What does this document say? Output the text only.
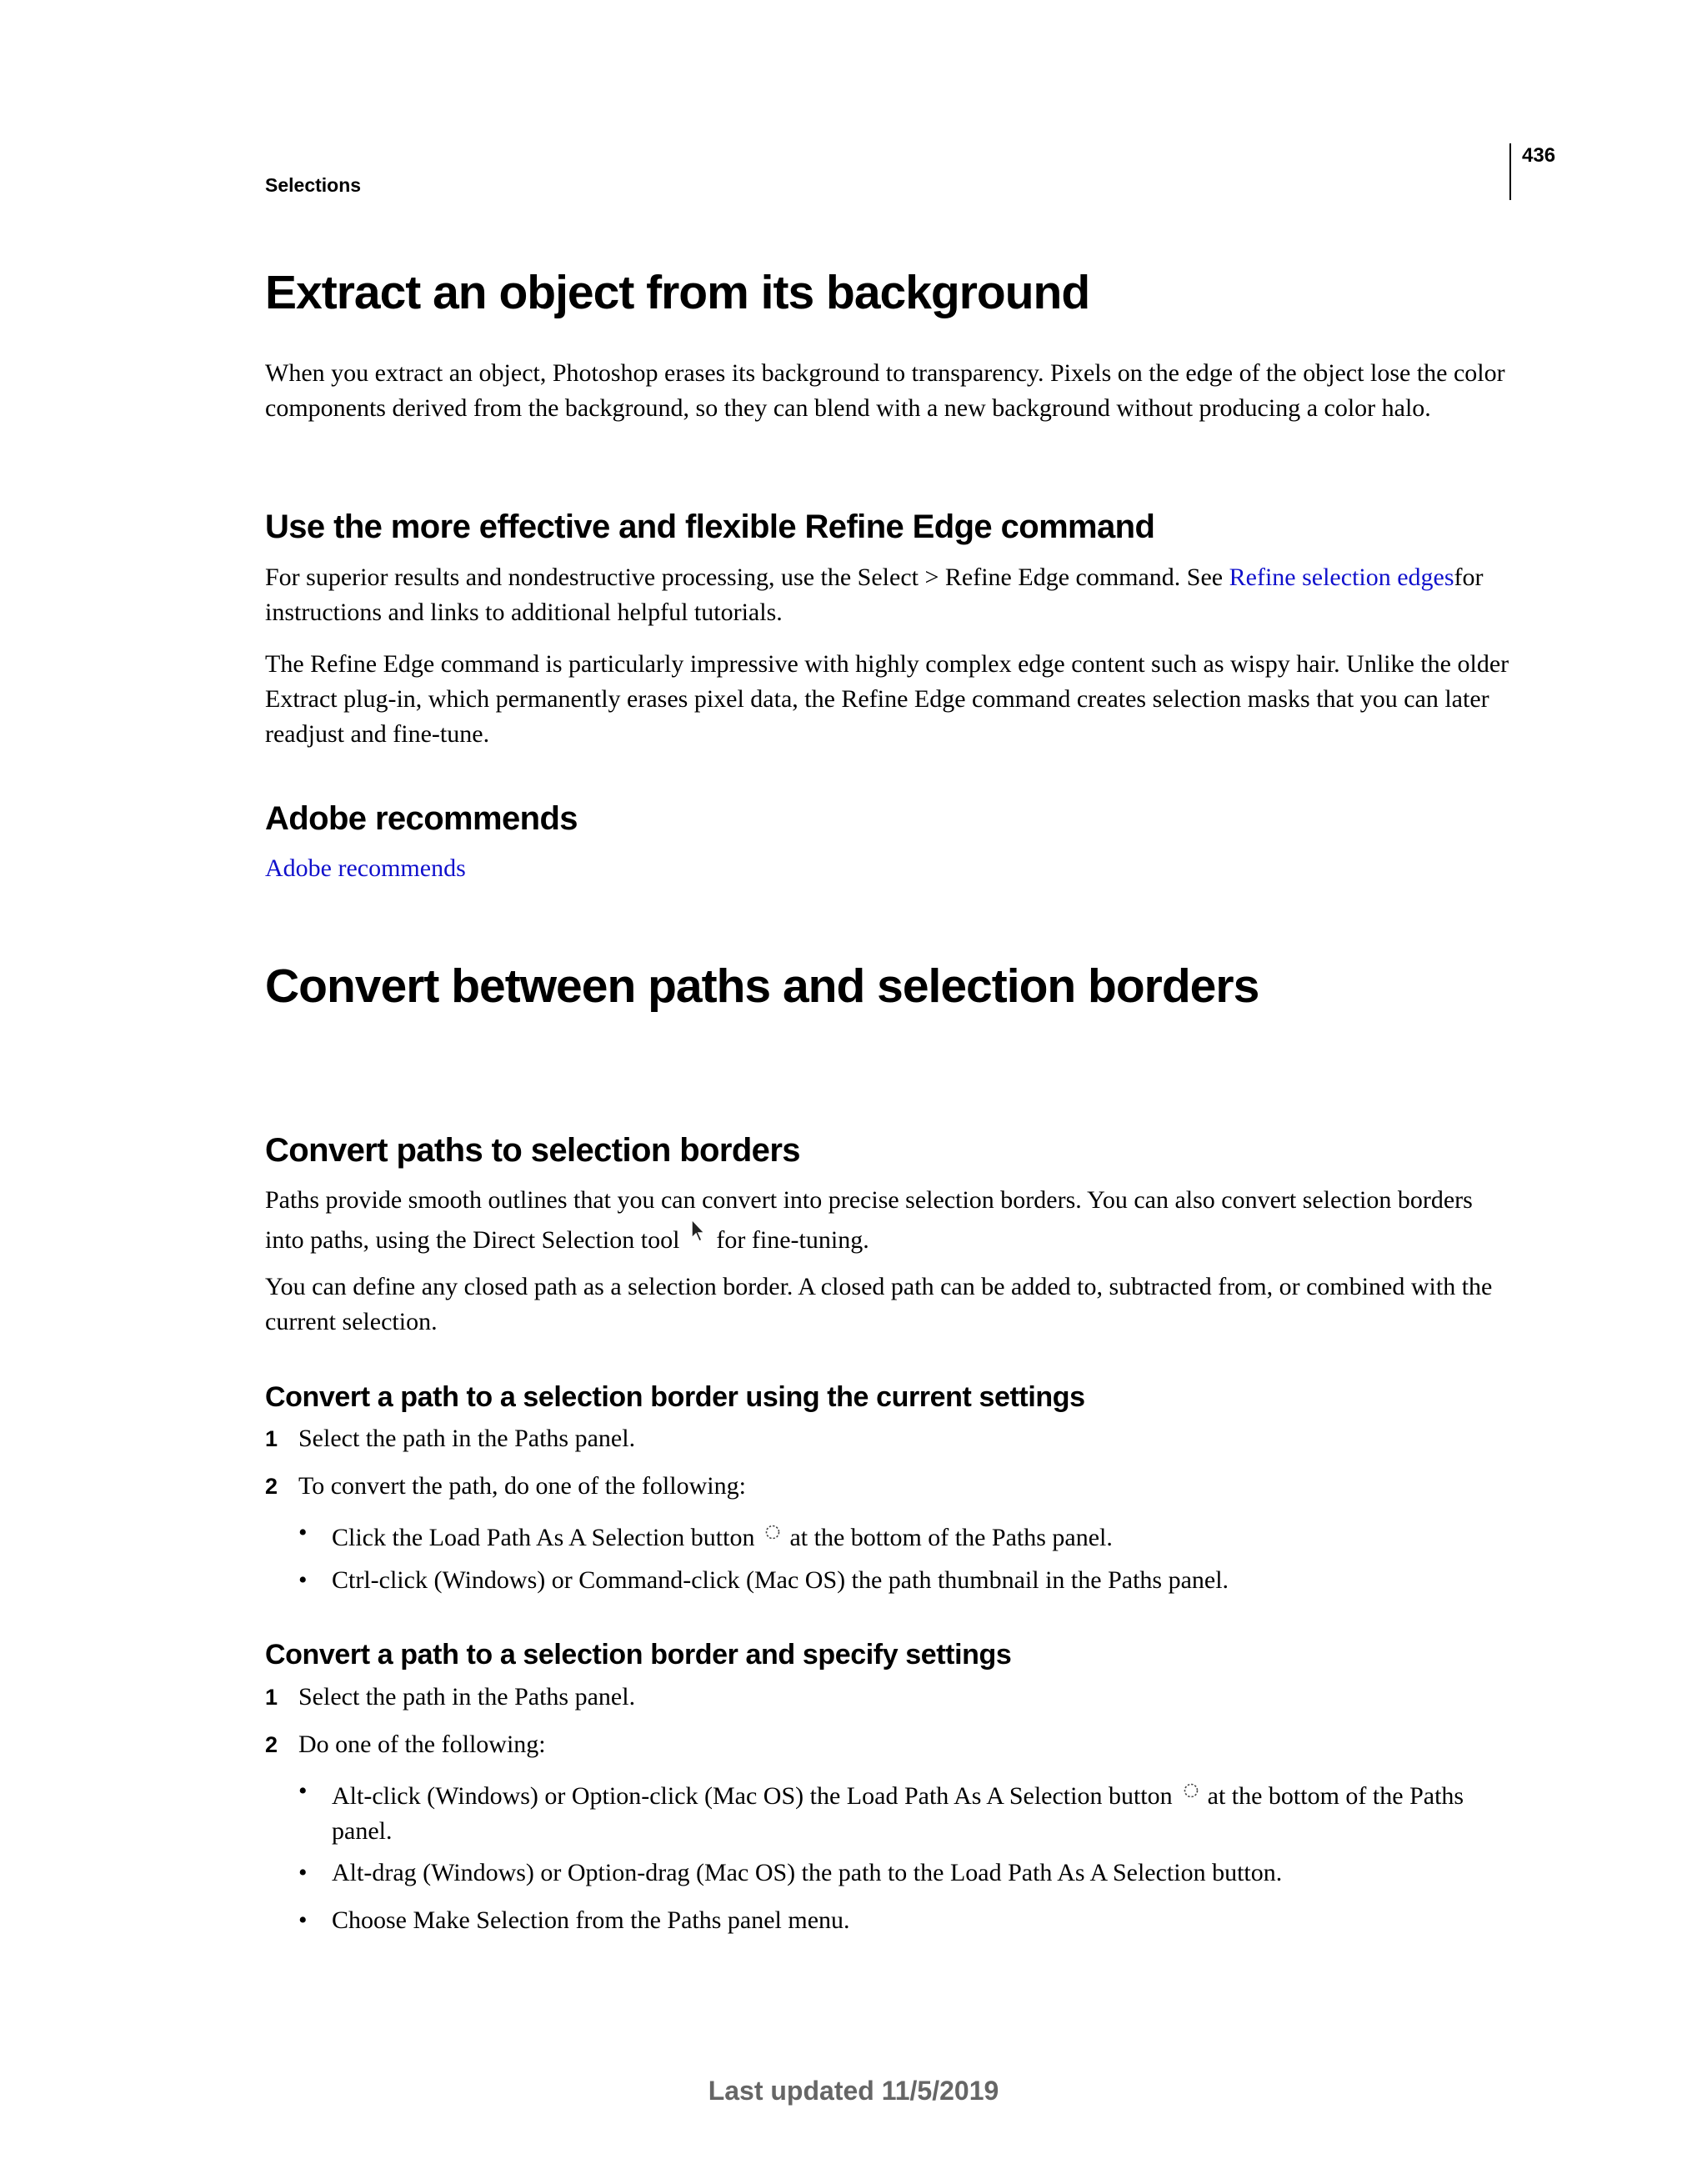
Selections
436
Extract an object from its background

When you extract an object, Photoshop erases its background to transparency. Pixels on the edge of the object lose the color components derived from the background, so they can blend with a new background without producing a color halo.

Use the more effective and flexible Refine Edge command

For superior results and nondestructive processing, use the Select > Refine Edge command. See Refine selection edgesfor instructions and links to additional helpful tutorials.

The Refine Edge command is particularly impressive with highly complex edge content such as wispy hair. Unlike the older Extract plug-in, which permanently erases pixel data, the Refine Edge command creates selection masks that you can later readjust and fine-tune.

Adobe recommends

Adobe recommends

Convert between paths and selection borders
Convert paths to selection borders

Paths provide smooth outlines that you can convert into precise selection borders. You can also convert selection borders into paths, using the Direct Selection tool for fine-tuning.

You can define any closed path as a selection border. A closed path can be added to, subtracted from, or combined with the current selection.

Convert a path to a selection border using the current settings
1 Select the path in the Paths panel.
2 To convert the path, do one of the following:
• Click the Load Path As A Selection button at the bottom of the Paths panel.
• Ctrl-click (Windows) or Command-click (Mac OS) the path thumbnail in the Paths panel.
Convert a path to a selection border and specify settings
1 Select the path in the Paths panel.
2 Do one of the following:
• Alt-click (Windows) or Option-click (Mac OS) the Load Path As A Selection button at the bottom of the Paths panel.
• Alt-drag (Windows) or Option-drag (Mac OS) the path to the Load Path As A Selection button.
• Choose Make Selection from the Paths panel menu.
Last updated 11/5/2019
